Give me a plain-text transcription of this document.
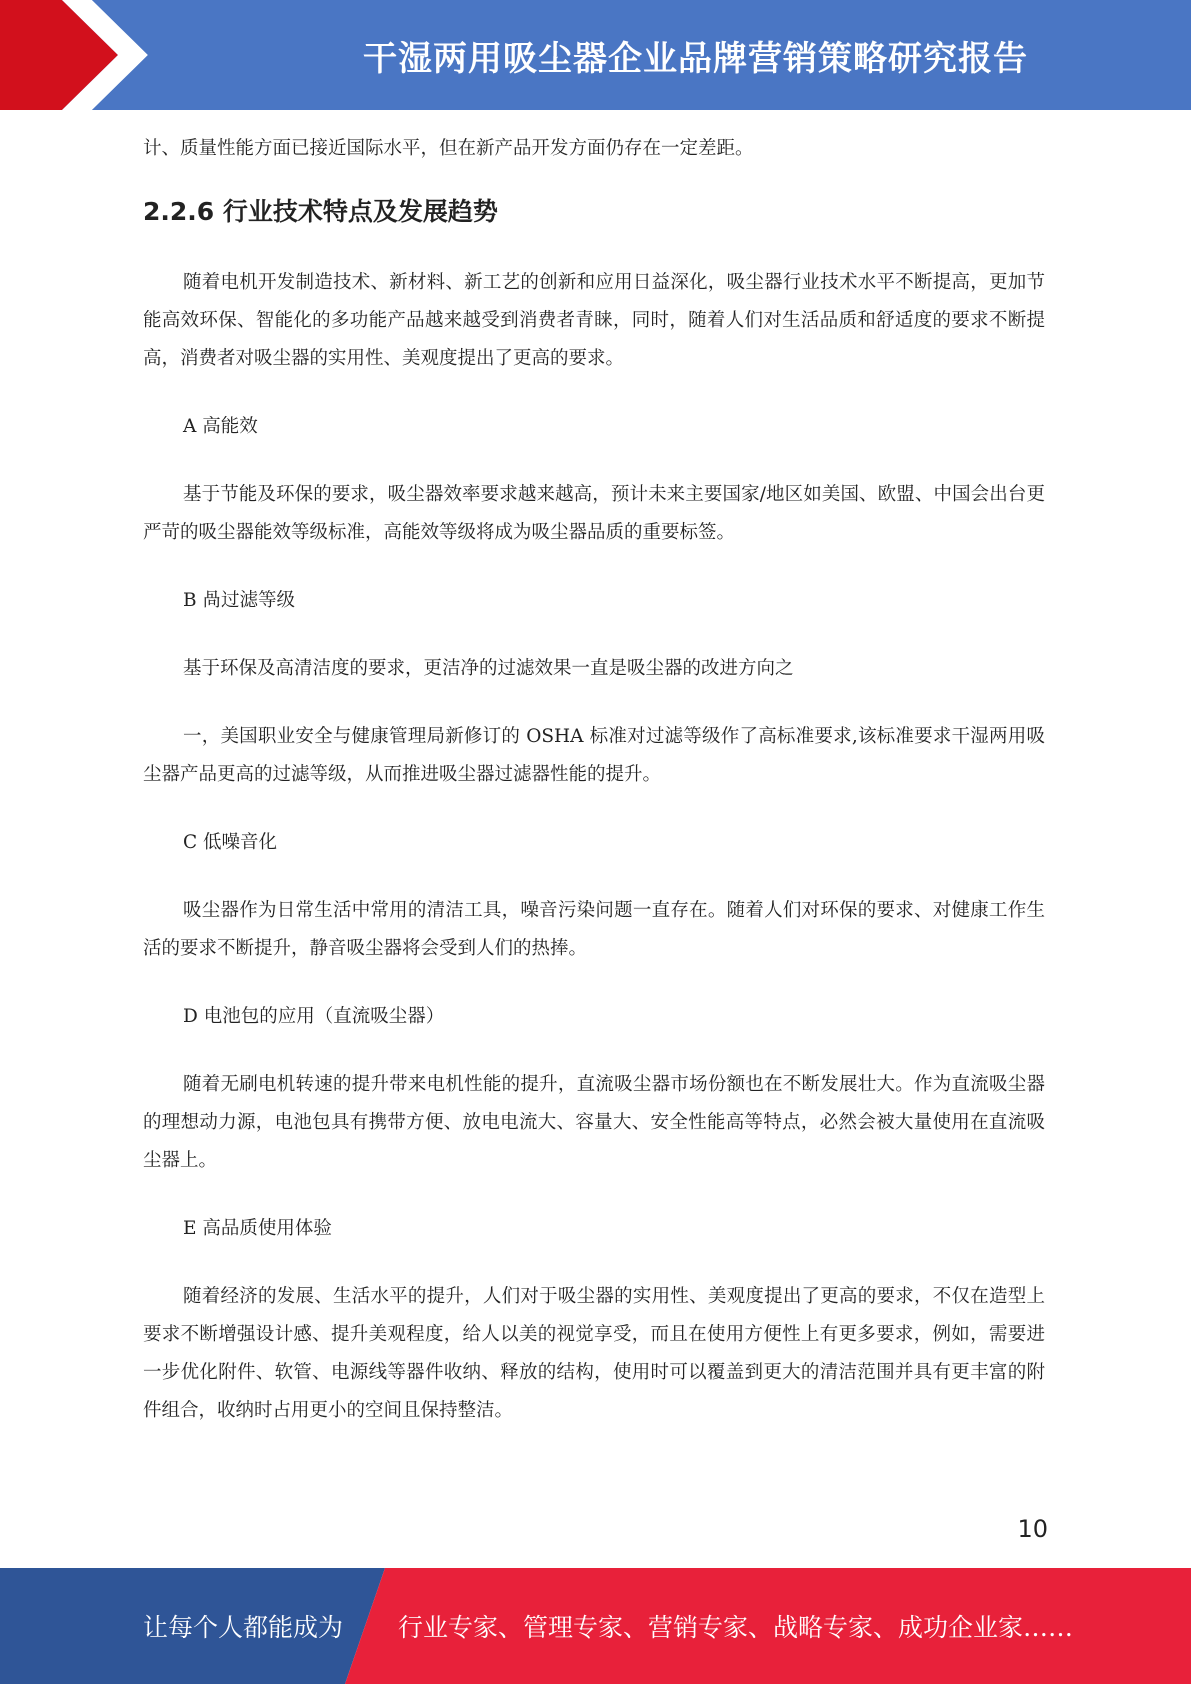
干湿两用吸尘器企业品牌营销策略研究报告

计、质量性能方面已接近国际水平，但在新产品开发方面仍存在一定差距。

2.2.6 行业技术特点及发展趋势

随着电机开发制造技术、新材料、新工艺的创新和应用日益深化，吸尘器行业技术水平不断提高，更加节能高效环保、智能化的多功能产品越来越受到消费者青睐，同时，随着人们对生活品质和舒适度的要求不断提高，消费者对吸尘器的实用性、美观度提出了更高的要求。

A 高能效

基于节能及环保的要求，吸尘器效率要求越来越高，预计未来主要国家/地区如美国、欧盟、中国会出台更严苛的吸尘器能效等级标准，高能效等级将成为吸尘器品质的重要标签。

B 咼过滤等级

基于环保及高清洁度的要求，更洁净的过滤效果一直是吸尘器的改进方向之

一，美国职业安全与健康管理局新修订的 OSHA 标准对过滤等级作了高标准要求,该标准要求干湿两用吸尘器产品更高的过滤等级，从而推进吸尘器过滤器性能的提升。

C 低噪音化

吸尘器作为日常生活中常用的清洁工具，噪音污染问题一直存在。随着人们对环保的要求、对健康工作生活的要求不断提升，静音吸尘器将会受到人们的热捧。

D 电池包的应用（直流吸尘器）

随着无刷电机转速的提升带来电机性能的提升，直流吸尘器市场份额也在不断发展壮大。作为直流吸尘器的理想动力源，电池包具有携带方便、放电电流大、容量大、安全性能高等特点，必然会被大量使用在直流吸尘器上。

E 高品质使用体验

随着经济的发展、生活水平的提升，人们对于吸尘器的实用性、美观度提出了更高的要求，不仅在造型上要求不断增强设计感、提升美观程度，给人以美的视觉享受，而且在使用方便性上有更多要求，例如，需要进一步优化附件、软管、电源线等器件收纳、释放的结构，使用时可以覆盖到更大的清洁范围并具有更丰富的附件组合，收纳时占用更小的空间且保持整洁。

10
让每个人都能成为 行业专家、管理专家、营销专家、战略专家、成功企业家……
